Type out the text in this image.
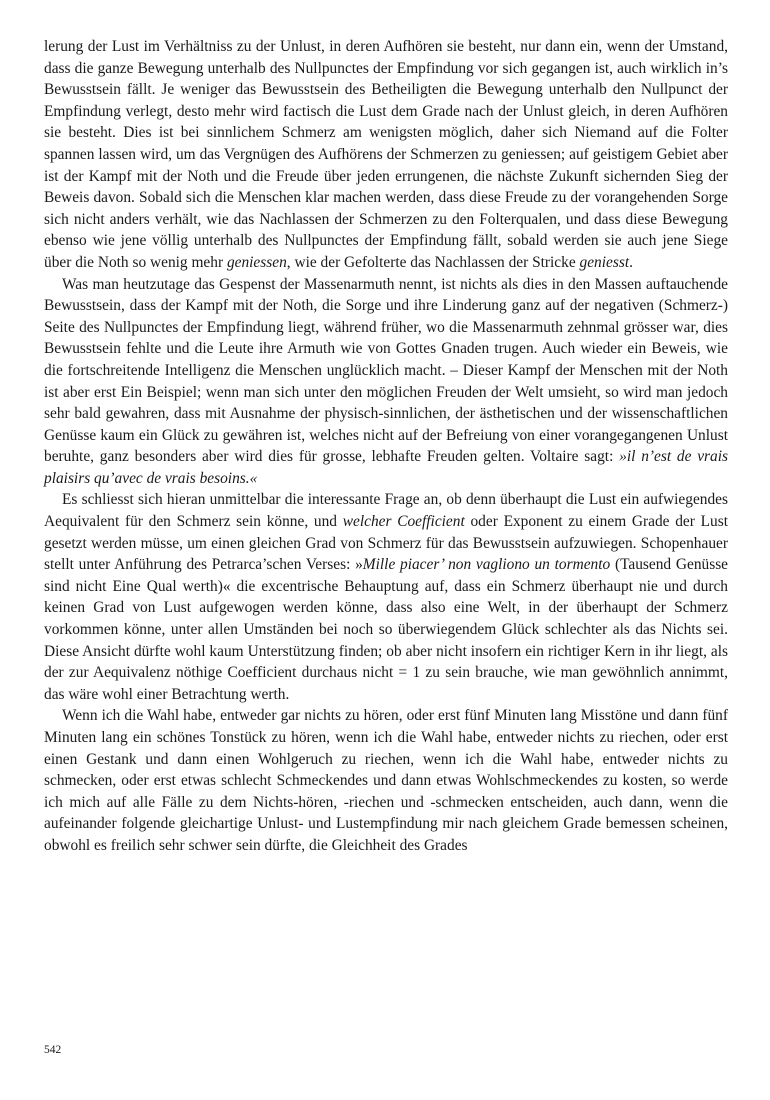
lerung der Lust im Verhältniss zu der Unlust, in deren Aufhören sie besteht, nur dann ein, wenn der Umstand, dass die ganze Bewegung unterhalb des Nullpunctes der Empfindung vor sich gegangen ist, auch wirklich in’s Bewusstsein fällt. Je weniger das Bewusstsein des Betheiligten die Bewegung unterhalb den Nullpunct der Empfindung verlegt, desto mehr wird factisch die Lust dem Grade nach der Unlust gleich, in deren Aufhören sie besteht. Dies ist bei sinnlichem Schmerz am wenigsten möglich, daher sich Niemand auf die Folter spannen lassen wird, um das Vergnügen des Aufhörens der Schmerzen zu geniessen; auf geistigem Gebiet aber ist der Kampf mit der Noth und die Freude über jeden errungenen, die nächste Zukunft sichernden Sieg der Beweis davon. Sobald sich die Menschen klar machen werden, dass diese Freude zu der vorangehenden Sorge sich nicht anders verhält, wie das Nachlassen der Schmerzen zu den Folterqualen, und dass diese Bewegung ebenso wie jene völlig unterhalb des Nullpunctes der Empfindung fällt, sobald werden sie auch jene Siege über die Noth so wenig mehr geniessen, wie der Gefolterte das Nachlassen der Stricke geniesst.

Was man heutzutage das Gespenst der Massenarmuth nennt, ist nichts als dies in den Massen auftauchende Bewusstsein, dass der Kampf mit der Noth, die Sorge und ihre Linderung ganz auf der negativen (Schmerz-) Seite des Nullpunctes der Empfindung liegt, während früher, wo die Massenarmuth zehnmal grösser war, dies Bewusstsein fehlte und die Leute ihre Armuth wie von Gottes Gnaden trugen. Auch wieder ein Beweis, wie die fortschreitende Intelligenz die Menschen unglücklich macht. – Dieser Kampf der Menschen mit der Noth ist aber erst Ein Beispiel; wenn man sich unter den möglichen Freuden der Welt umsieht, so wird man jedoch sehr bald gewahren, dass mit Ausnahme der physisch-sinnlichen, der ästhetischen und der wissenschaftlichen Genüsse kaum ein Glück zu gewähren ist, welches nicht auf der Befreiung von einer vorangegangenen Unlust beruhte, ganz besonders aber wird dies für grosse, lebhafte Freuden gelten. Voltaire sagt: »il n’est de vrais plaisirs qu’avec de vrais besoins.«

Es schliesst sich hieran unmittelbar die interessante Frage an, ob denn überhaupt die Lust ein aufwiegendes Aequivalent für den Schmerz sein könne, und welcher Coefficient oder Exponent zu einem Grade der Lust gesetzt werden müsse, um einen gleichen Grad von Schmerz für das Bewusstsein aufzuwiegen. Schopenhauer stellt unter Anführung des Petrarca’schen Verses: »Mille piacer’ non vagliono un tormento (Tausend Genüsse sind nicht Eine Qual werth)« die excentrische Behauptung auf, dass ein Schmerz überhaupt nie und durch keinen Grad von Lust aufgewogen werden könne, dass also eine Welt, in der überhaupt der Schmerz vorkommen könne, unter allen Umständen bei noch so überwiegendem Glück schlechter als das Nichts sei. Diese Ansicht dürfte wohl kaum Unterstützung finden; ob aber nicht insofern ein richtiger Kern in ihr liegt, als der zur Aequivalenz nöthige Coefficient durchaus nicht = 1 zu sein brauche, wie man gewöhnlich annimmt, das wäre wohl einer Betrachtung werth.

Wenn ich die Wahl habe, entweder gar nichts zu hören, oder erst fünf Minuten lang Misstöne und dann fünf Minuten lang ein schönes Tonstück zu hören, wenn ich die Wahl habe, entweder nichts zu riechen, oder erst einen Gestank und dann einen Wohlgeruch zu riechen, wenn ich die Wahl habe, entweder nichts zu schmecken, oder erst etwas schlecht Schmeckendes und dann etwas Wohlschmeckendes zu kosten, so werde ich mich auf alle Fälle zu dem Nichts-hören, -riechen und -schmecken entscheiden, auch dann, wenn die aufeinander folgende gleichartige Unlust- und Lustempfindung mir nach gleichem Grade bemessen scheinen, obwohl es freilich sehr schwer sein dürfte, die Gleichheit des Grades

542
